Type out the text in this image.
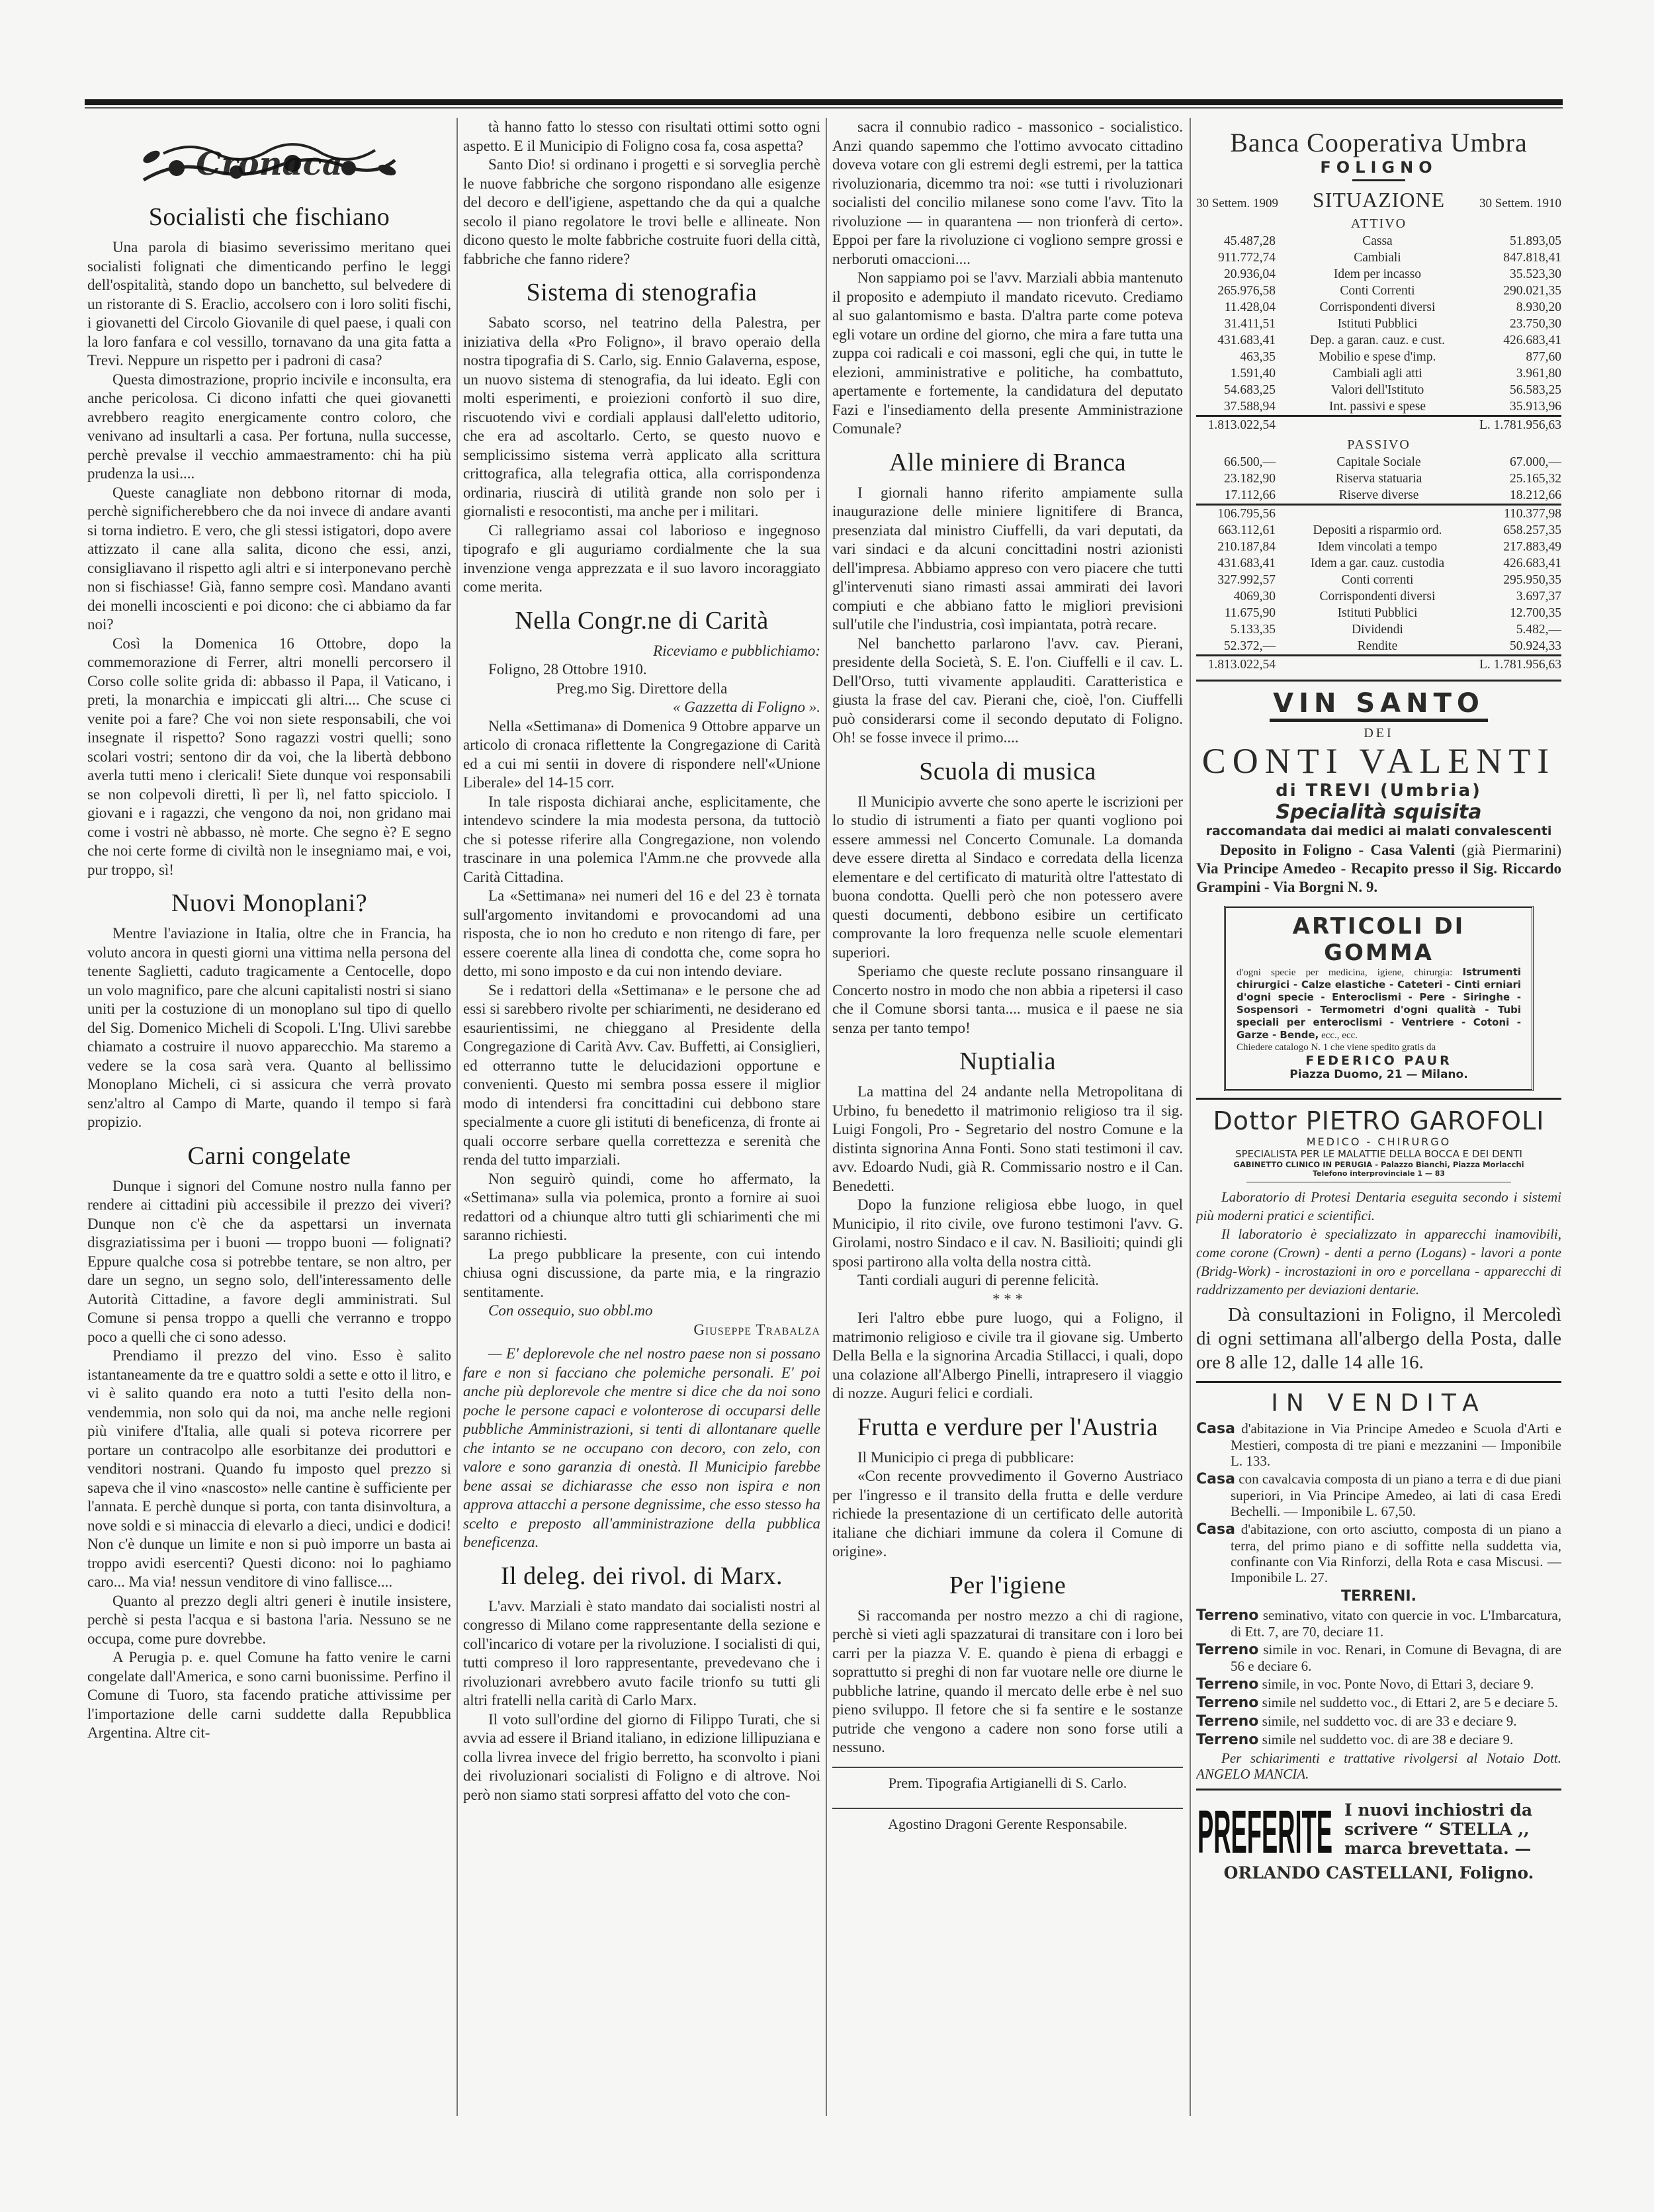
Cronaca
Socialisti che fischiano

Una parola di biasimo severissimo meritano quei socialisti folignati che dimenticando perfino le leggi dell'ospitalità, stando dopo un banchetto, sul belvedere di un ristorante di S. Eraclio, accolsero con i loro soliti fischi, i giovanetti del Circolo Giovanile di quel paese, i quali con la loro fanfara e col vessillo, tornavano da una gita fatta a Trevi. Neppure un rispetto per i padroni di casa?

Questa dimostrazione, proprio incivile e inconsulta, era anche pericolosa. Ci dicono infatti che quei giovanetti avrebbero reagito energicamente contro coloro, che venivano ad insultarli a casa. Per fortuna, nulla successe, perchè prevalse il vecchio ammaestramento: chi ha più prudenza la usi....

Queste canagliate non debbono ritornar di moda, perchè significherebbero che da noi invece di andare avanti si torna indietro. E vero, che gli stessi istigatori, dopo avere attizzato il cane alla salita, dicono che essi, anzi, consigliavano il rispetto agli altri e si interponevano perchè non si fischiasse! Già, fanno sempre così. Mandano avanti dei monelli incoscienti e poi dicono: che ci abbiamo da far noi?

Così la Domenica 16 Ottobre, dopo la commemorazione di Ferrer, altri monelli percorsero il Corso colle solite grida di: abbasso il Papa, il Vaticano, i preti, la monarchia e impiccati gli altri.... Che scuse ci venite poi a fare? Che voi non siete responsabili, che voi insegnate il rispetto? Sono ragazzi vostri quelli; sono scolari vostri; sentono dir da voi, che la libertà debbono averla tutti meno i clericali! Siete dunque voi responsabili se non colpevoli diretti, lì per lì, nel fatto spicciolo. I giovani e i ragazzi, che vengono da noi, non gridano mai come i vostri nè abbasso, nè morte. Che segno è? E segno che noi certe forme di civiltà non le insegniamo mai, e voi, pur troppo, sì!

Nuovi Monoplani?

Mentre l'aviazione in Italia, oltre che in Francia, ha voluto ancora in questi giorni una vittima nella persona del tenente Saglietti, caduto tragicamente a Centocelle, dopo un volo magnifico, pare che alcuni capitalisti nostri si siano uniti per la costuzione di un monoplano sul tipo di quello del Sig. Domenico Micheli di Scopoli. L'Ing. Ulivi sarebbe chiamato a costruire il nuovo apparecchio. Ma staremo a vedere se la cosa sarà vera. Quanto al bellissimo Monoplano Micheli, ci si assicura che verrà provato senz'altro al Campo di Marte, quando il tempo si farà propizio.

Carni congelate

Dunque i signori del Comune nostro nulla fanno per rendere ai cittadini più accessibile il prezzo dei viveri? Dunque non c'è che da aspettarsi un invernata disgraziatissima per i buoni — troppo buoni — folignati? Eppure qualche cosa si potrebbe tentare, se non altro, per dare un segno, un segno solo, dell'interessamento delle Autorità Cittadine, a favore degli amministrati. Sul Comune si pensa troppo a quelli che verranno e troppo poco a quelli che ci sono adesso.

Prendiamo il prezzo del vino. Esso è salito istantaneamente da tre e quattro soldi a sette e otto il litro, e vi è salito quando era noto a tutti l'esito della non-vendemmia, non solo qui da noi, ma anche nelle regioni più vinifere d'Italia, alle quali si poteva ricorrere per portare un contracolpo alle esorbitanze dei produttori e venditori nostrani. Quando fu imposto quel prezzo si sapeva che il vino «nascosto» nelle cantine è sufficiente per l'annata. E perchè dunque si porta, con tanta disinvoltura, a nove soldi e si minaccia di elevarlo a dieci, undici e dodici! Non c'è dunque un limite e non si può imporre un basta ai troppo avidi esercenti? Questi dicono: noi lo paghiamo caro... Ma via! nessun venditore di vino fallisce....

Quanto al prezzo degli altri generi è inutile insistere, perchè si pesta l'acqua e si bastona l'aria. Nessuno se ne occupa, come pure dovrebbe.

A Perugia p. e. quel Comune ha fatto venire le carni congelate dall'America, e sono carni buonissime. Perfino il Comune di Tuoro, sta facendo pratiche attivissime per l'importazione delle carni suddette dalla Repubblica Argentina. Altre cit-

tà hanno fatto lo stesso con risultati ottimi sotto ogni aspetto. E il Municipio di Foligno cosa fa, cosa aspetta?

Santo Dio! si ordinano i progetti e si sorveglia perchè le nuove fabbriche che sorgono rispondano alle esigenze del decoro e dell'igiene, aspettando che da qui a qualche secolo il piano regolatore le trovi belle e allineate. Non dicono questo le molte fabbriche costruite fuori della città, fabbriche che fanno ridere?

Sistema di stenografia

Sabato scorso, nel teatrino della Palestra, per iniziativa della «Pro Foligno», il bravo operaio della nostra tipografia di S. Carlo, sig. Ennio Galaverna, espose, un nuovo sistema di stenografia, da lui ideato. Egli con molti esperimenti, e proiezioni confortò il suo dire, riscuotendo vivi e cordiali applausi dall'eletto uditorio, che era ad ascoltarlo. Certo, se questo nuovo e semplicissimo sistema verrà applicato alla scrittura crittografica, alla telegrafia ottica, alla corrispondenza ordinaria, riuscirà di utilità grande non solo per i giornalisti e resocontisti, ma anche per i militari.

Ci rallegriamo assai col laborioso e ingegnoso tipografo e gli auguriamo cordialmente che la sua invenzione venga apprezzata e il suo lavoro incoraggiato come merita.

Nella Congr.ne di Carità

Riceviamo e pubblichiamo:

Foligno, 28 Ottobre 1910.

Preg.mo Sig. Direttore della

« Gazzetta di Foligno ».

Nella «Settimana» di Domenica 9 Ottobre apparve un articolo di cronaca riflettente la Congregazione di Carità ed a cui mi sentii in dovere di rispondere nell'«Unione Liberale» del 14-15 corr.

In tale risposta dichiarai anche, esplicitamente, che intendevo scindere la mia modesta persona, da tuttociò che si potesse riferire alla Congregazione, non volendo trascinare in una polemica l'Amm.ne che provvede alla Carità Cittadina.

La «Settimana» nei numeri del 16 e del 23 è tornata sull'argomento invitandomi e provocandomi ad una risposta, che io non ho creduto e non ritengo di fare, per essere coerente alla linea di condotta che, come sopra ho detto, mi sono imposto e da cui non intendo deviare.

Se i redattori della «Settimana» e le persone che ad essi si sarebbero rivolte per schiarimenti, ne desiderano ed esaurientissimi, ne chieggano al Presidente della Congregazione di Carità Avv. Cav. Buffetti, ai Consiglieri, ed otterranno tutte le delucidazioni opportune e convenienti. Questo mi sembra possa essere il miglior modo di intendersi fra concittadini cui debbono stare specialmente a cuore gli istituti di beneficenza, di fronte ai quali occorre serbare quella correttezza e serenità che renda del tutto imparziali.

Non seguirò quindi, come ho affermato, la «Settimana» sulla via polemica, pronto a fornire ai suoi redattori od a chiunque altro tutti gli schiarimenti che mi saranno richiesti.

La prego pubblicare la presente, con cui intendo chiusa ogni discussione, da parte mia, e la ringrazio sentitamente.

Con ossequio, suo obbl.mo

Giuseppe Trabalza

— E' deplorevole che nel nostro paese non si possano fare e non si facciano che polemiche personali. E' poi anche più deplorevole che mentre si dice che da noi sono poche le persone capaci e volonterose di occuparsi delle pubbliche Amministrazioni, si tenti di allontanare quelle che intanto se ne occupano con decoro, con zelo, con valore e sono garanzia di onestà. Il Municipio farebbe bene assai se dichiarasse che esso non ispira e non approva attacchi a persone degnissime, che esso stesso ha scelto e preposto all'amministrazione della pubblica beneficenza.

Il deleg. dei rivol. di Marx.

L'avv. Marziali è stato mandato dai socialisti nostri al congresso di Milano come rappresentante della sezione e coll'incarico di votare per la rivoluzione. I socialisti di qui, tutti compreso il loro rappresentante, prevedevano che i rivoluzionari avrebbero avuto facile trionfo su tutti gli altri fratelli nella carità di Carlo Marx.

Il voto sull'ordine del giorno di Filippo Turati, che si avvia ad essere il Briand italiano, in edizione lillipuziana e colla livrea invece del frigio berretto, ha sconvolto i piani dei rivoluzionari socialisti di Foligno e di altrove. Noi però non siamo stati sorpresi affatto del voto che con-

sacra il connubio radico - massonico - socialistico. Anzi quando sapemmo che l'ottimo avvocato cittadino doveva votare con gli estremi degli estremi, per la tattica rivoluzionaria, dicemmo tra noi: «se tutti i rivoluzionari socialisti del concilio milanese sono come l'avv. Tito la rivoluzione — in quarantena — non trionferà di certo». Eppoi per fare la rivoluzione ci vogliono sempre grossi e nerboruti omaccioni....

Non sappiamo poi se l'avv. Marziali abbia mantenuto il proposito e adempiuto il mandato ricevuto. Crediamo al suo galantomismo e basta. D'altra parte come poteva egli votare un ordine del giorno, che mira a fare tutta una zuppa coi radicali e coi massoni, egli che qui, in tutte le elezioni, amministrative e politiche, ha combattuto, apertamente e fortemente, la candidatura del deputato Fazi e l'insediamento della presente Amministrazione Comunale?

Alle miniere di Branca

I giornali hanno riferito ampiamente sulla inaugurazione delle miniere lignitifere di Branca, presenziata dal ministro Ciuffelli, da vari deputati, da vari sindaci e da alcuni concittadini nostri azionisti dell'impresa. Abbiamo appreso con vero piacere che tutti gl'intervenuti siano rimasti assai ammirati dei lavori compiuti e che abbiano fatto le migliori previsioni sull'utile che l'industria, così impiantata, potrà recare.

Nel banchetto parlarono l'avv. cav. Pierani, presidente della Società, S. E. l'on. Ciuffelli e il cav. L. Dell'Orso, tutti vivamente applauditi. Caratteristica e giusta la frase del cav. Pierani che, cioè, l'on. Ciuffelli può considerarsi come il secondo deputato di Foligno. Oh! se fosse invece il primo....

Scuola di musica

Il Municipio avverte che sono aperte le iscrizioni per lo studio di istrumenti a fiato per quanti vogliono poi essere ammessi nel Concerto Comunale. La domanda deve essere diretta al Sindaco e corredata della licenza elementare e del certificato di maturità oltre l'attestato di buona condotta. Quelli però che non potessero avere questi documenti, debbono esibire un certificato comprovante la loro frequenza nelle scuole elementari superiori.

Speriamo che queste reclute possano rinsanguare il Concerto nostro in modo che non abbia a ripetersi il caso che il Comune sborsi tanta.... musica e il paese ne sia senza per tanto tempo!

Nuptialia

La mattina del 24 andante nella Metropolitana di Urbino, fu benedetto il matrimonio religioso tra il sig. Luigi Fongoli, Pro - Segretario del nostro Comune e la distinta signorina Anna Fonti. Sono stati testimoni il cav. avv. Edoardo Nudi, già R. Commissario nostro e il Can. Benedetti.

Dopo la funzione religiosa ebbe luogo, in quel Municipio, il rito civile, ove furono testimoni l'avv. G. Girolami, nostro Sindaco e il cav. N. Basilioiti; quindi gli sposi partirono alla volta della nostra città.

Tanti cordiali auguri di perenne felicità.

* * *

Ieri l'altro ebbe pure luogo, qui a Foligno, il matrimonio religioso e civile tra il giovane sig. Umberto Della Bella e la signorina Arcadia Stillacci, i quali, dopo una colazione all'Albergo Pinelli, intrapresero il viaggio di nozze. Auguri felici e cordiali.

Frutta e verdure per l'Austria

Il Municipio ci prega di pubblicare:

«Con recente provvedimento il Governo Austriaco per l'ingresso e il transito della frutta e delle verdure richiede la presentazione di un certificato delle autorità italiane che dichiari immune da colera il Comune di origine».

Per l'igiene

Si raccomanda per nostro mezzo a chi di ragione, perchè si vieti agli spazzaturai di transitare con i loro bei carri per la piazza V. E. quando è piena di erbaggi e soprattutto si preghi di non far vuotare nelle ore diurne le pubbliche latrine, quando il mercato delle erbe è nel suo pieno sviluppo. Il fetore che si fa sentire e le sostanze putride che vengono a cadere non sono forse utili a nessuno.

Prem. Tipografia Artigianelli di S. Carlo.
Agostino Dragoni Gerente Responsabile.
Banca Cooperativa Umbra
FOLIGNO
30 Settem. 1909 SITUAZIONE	30 Settem. 1910
ATTIVO
45.487,28	Cassa	51.893,05
911.772,74	Cambiali	847.818,41
20.936,04	Idem per incasso	35.523,30
265.976,58	Conti Correnti	290.021,35
11.428,04	Corrispondenti diversi	8.930,20
31.411,51	Istituti Pubblici	23.750,30
431.683,41	Dep. a garan. cauz. e cust.	426.683,41
463,35	Mobilio e spese d'imp.	877,60
1.591,40	Cambiali agli atti	3.961,80
54.683,25	Valori dell'Istituto	56.583,25
37.588,94	Int. passivi e spese	35.913,96
1.813.022,54		L. 1.781.956,63
PASSIVO
66.500,—	Capitale Sociale	67.000,—
23.182,90	Riserva statuaria	25.165,32
17.112,66	Riserve diverse	18.212,66
106.795,56		110.377,98
663.112,61	Depositi a risparmio ord.	658.257,35
210.187,84	Idem vincolati a tempo	217.883,49
431.683,41	Idem a gar. cauz. custodia	426.683,41
327.992,57	Conti correnti	295.950,35
4069,30	Corrispondenti diversi	3.697,37
11.675,90	Istituti Pubblici	12.700,35
5.133,35	Dividendi	5.482,—
52.372,—	Rendite	50.924,33
1.813.022,54		L. 1.781.956,63
VIN SANTO
DEI
CONTI VALENTI
di TREVI (Umbria)
Specialità squisita
raccomandata dai medici ai malati convalescenti
Deposito in Foligno - Casa Valenti (già Piermarini) Via Principe Amedeo - Recapito presso il Sig. Riccardo Grampini - Via Borgni N. 9.
ARTICOLI DI GOMMA
d'ogni specie per medicina, igiene, chirurgia: Istrumenti chirurgici - Calze elastiche - Cateteri - Cinti erniari d'ogni specie - Enteroclismi - Pere - Siringhe - Sospensori - Termometri d'ogni qualità - Tubi speciali per enteroclismi - Ventriere - Cotoni - Garze - Bende, ecc., ecc.
Chiedere catalogo N. 1 che viene spedito gratis da
FEDERICO PAUR
Piazza Duomo, 21 — Milano.
Dottor PIETRO GAROFOLI
MEDICO - CHIRURGO
SPECIALISTA PER LE MALATTIE DELLA BOCCA E DEI DENTI
GABINETTO CLINICO IN PERUGIA - Palazzo Bianchi, Piazza Morlacchi
Telefono interprovinciale 1 — 83
Laboratorio di Protesi Dentaria eseguita secondo i sistemi più moderni pratici e scientifici.
Il laboratorio è specializzato in apparecchi inamovibili, come corone (Crown) - denti a perno (Logans) - lavori a ponte (Bridg-Work) - incrostazioni in oro e porcellana - apparecchi di raddrizzamento per deviazioni dentarie.
Dà consultazioni in Foligno, il Mercoledì di ogni settimana all'albergo della Posta, dalle ore 8 alle 12, dalle 14 alle 16.
IN VENDITA
Casa d'abitazione in Via Principe Amedeo e Scuola d'Arti e Mestieri, composta di tre piani e mezzanini — Imponibile L. 133.
Casa con cavalcavia composta di un piano a terra e di due piani superiori, in Via Principe Amedeo, ai lati di casa Eredi Bechelli. — Imponibile L. 67,50.
Casa d'abitazione, con orto asciutto, composta di un piano a terra, del primo piano e di soffitte nella suddetta via, confinante con Via Rinforzi, della Rota e casa Miscusi. — Imponibile L. 27.
TERRENI.
Terreno seminativo, vitato con quercie in voc. L'Imbarcatura, di Ett. 7, are 70, deciare 11.
Terreno simile in voc. Renari, in Comune di Bevagna, di are 56 e deciare 6.
Terreno simile, in voc. Ponte Novo, di Ettari 3, deciare 9.
Terreno simile nel suddetto voc., di Ettari 2, are 5 e deciare 5.
Terreno simile, nel suddetto voc. di are 33 e deciare 9.
Terreno simile nel suddetto voc. di are 38 e deciare 9.
Per schiarimenti e trattative rivolgersi al Notaio Dott. ANGELO MANCIA.
PREFERITE I nuovi inchiostri da scrivere “ STELLA ,, marca brevettata. —
ORLANDO CASTELLANI, Foligno.
